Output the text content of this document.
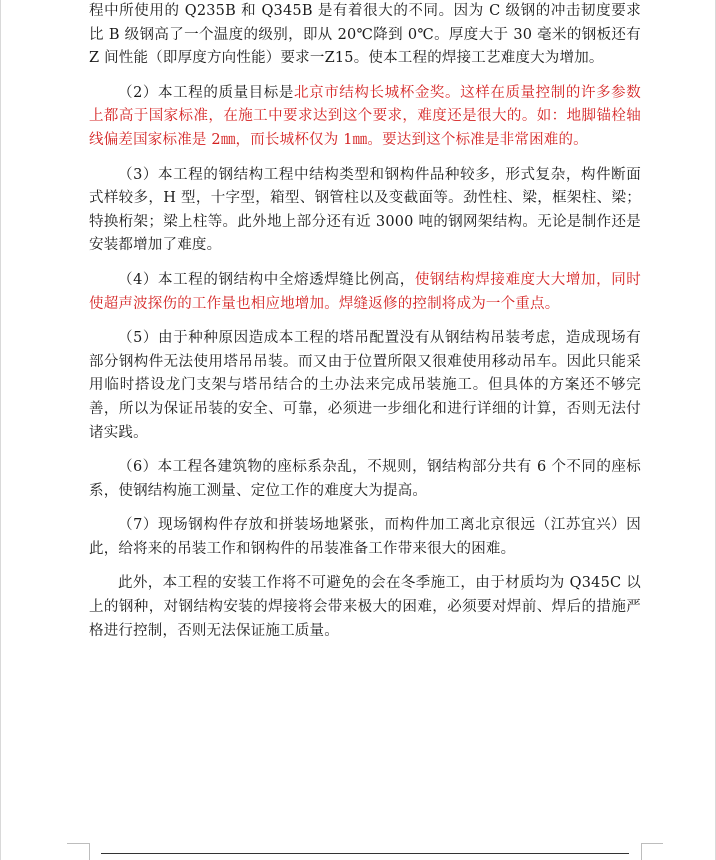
程中所使用的 Q235B 和 Q345B 是有着很大的不同。因为 C 级钢的冲击韧度要求比 B 级钢高了一个温度的级别，即从 20℃降到 0℃。厚度大于 30 毫米的钢板还有 Z 间性能（即厚度方向性能）要求一Z15。使本工程的焊接工艺难度大为增加。

（2）本工程的质量目标是北京市结构长城杯金奖。这样在质量控制的许多参数上都高于国家标准，在施工中要求达到这个要求，难度还是很大的。如：地脚锚栓轴线偏差国家标准是 2㎜，而长城杯仅为 1㎜。要达到这个标准是非常困难的。

（3）本工程的钢结构工程中结构类型和钢构件品种较多，形式复杂，构件断面式样较多，H 型，十字型，箱型、钢管柱以及变截面等。劲性柱、梁，框架柱、梁；特换桁架；梁上柱等。此外地上部分还有近 3000 吨的钢网架结构。无论是制作还是安装都增加了难度。

（4）本工程的钢结构中全熔透焊缝比例高，使钢结构焊接难度大大增加，同时使超声波探伤的工作量也相应地增加。焊缝返修的控制将成为一个重点。

（5）由于种种原因造成本工程的塔吊配置没有从钢结构吊装考虑，造成现场有部分钢构件无法使用塔吊吊装。而又由于位置所限又很难使用移动吊车。因此只能采用临时搭设龙门支架与塔吊结合的土办法来完成吊装施工。但具体的方案还不够完善，所以为保证吊装的安全、可靠，必须进一步细化和进行详细的计算，否则无法付诸实践。

（6）本工程各建筑物的座标系杂乱，不规则，钢结构部分共有 6 个不同的座标系，使钢结构施工测量、定位工作的难度大为提高。

（7）现场钢构件存放和拼装场地紧张，而构件加工离北京很远（江苏宜兴）因此，给将来的吊装工作和钢构件的吊装准备工作带来很大的困难。

此外，本工程的安装工作将不可避免的会在冬季施工，由于材质均为 Q345C 以上的钢种，对钢结构安装的焊接将会带来极大的困难，必须要对焊前、焊后的措施严格进行控制，否则无法保证施工质量。
